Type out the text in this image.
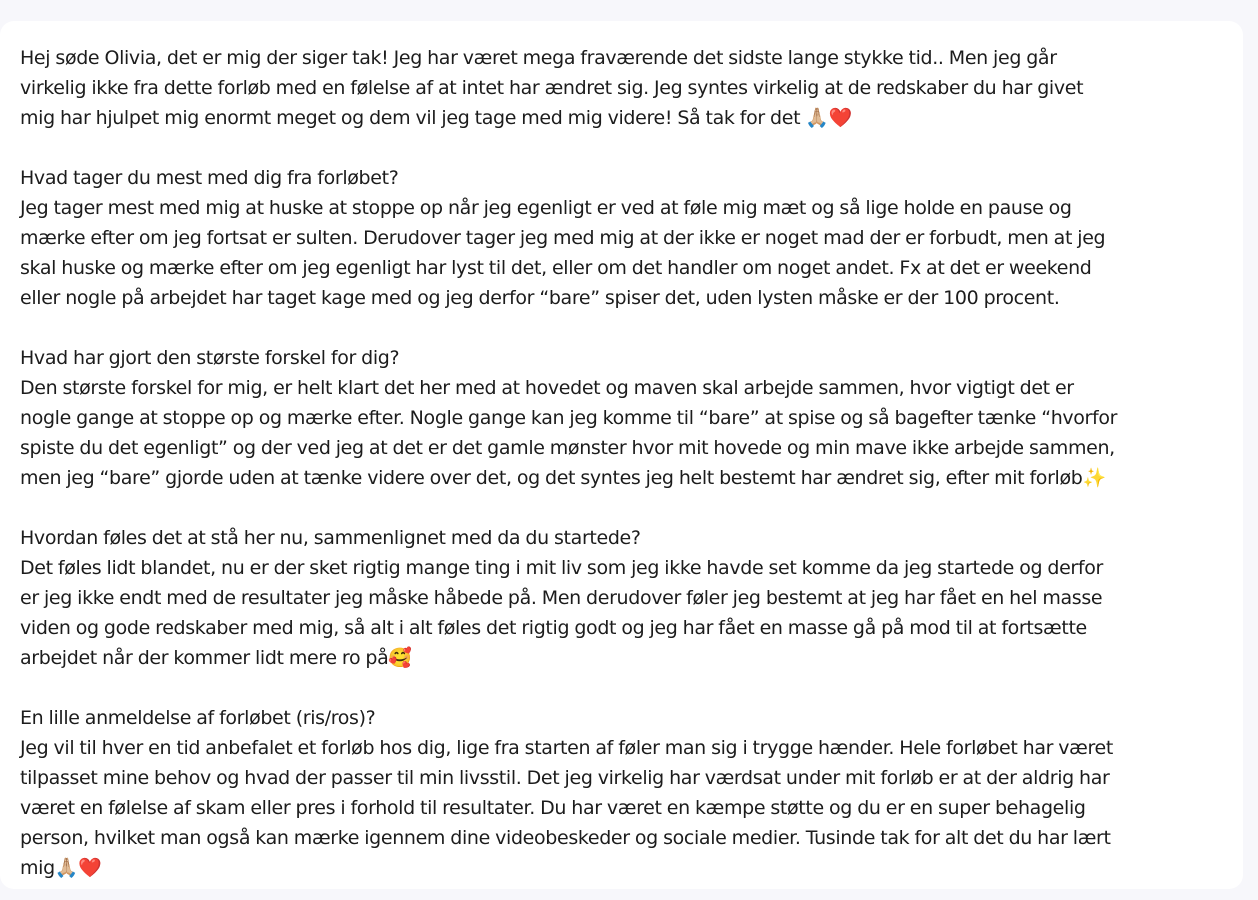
Hej søde Olivia, det er mig der siger tak! Jeg har været mega fraværende det sidste lange stykke tid.. Men jeg går
virkelig ikke fra dette forløb med en følelse af at intet har ændret sig. Jeg syntes virkelig at de redskaber du har givet
mig har hjulpet mig enormt meget og dem vil jeg tage med mig videre! Så tak for det 🙏🏼❤️

Hvad tager du mest med dig fra forløbet?
Jeg tager mest med mig at huske at stoppe op når jeg egenligt er ved at føle mig mæt og så lige holde en pause og
mærke efter om jeg fortsat er sulten. Derudover tager jeg med mig at der ikke er noget mad der er forbudt, men at jeg
skal huske og mærke efter om jeg egenligt har lyst til det, eller om det handler om noget andet. Fx at det er weekend
eller nogle på arbejdet har taget kage med og jeg derfor “bare” spiser det, uden lysten måske er der 100 procent.

Hvad har gjort den største forskel for dig?
Den største forskel for mig, er helt klart det her med at hovedet og maven skal arbejde sammen, hvor vigtigt det er
nogle gange at stoppe op og mærke efter. Nogle gange kan jeg komme til “bare” at spise og så bagefter tænke “hvorfor
spiste du det egenligt” og der ved jeg at det er det gamle mønster hvor mit hovede og min mave ikke arbejde sammen,
men jeg “bare” gjorde uden at tænke videre over det, og det syntes jeg helt bestemt har ændret sig, efter mit forløb✨

Hvordan føles det at stå her nu, sammenlignet med da du startede?
Det føles lidt blandet, nu er der sket rigtig mange ting i mit liv som jeg ikke havde set komme da jeg startede og derfor
er jeg ikke endt med de resultater jeg måske håbede på. Men derudover føler jeg bestemt at jeg har fået en hel masse
viden og gode redskaber med mig, så alt i alt føles det rigtig godt og jeg har fået en masse gå på mod til at fortsætte
arbejdet når der kommer lidt mere ro på🥰

En lille anmeldelse af forløbet (ris/ros)?
Jeg vil til hver en tid anbefalet et forløb hos dig, lige fra starten af føler man sig i trygge hænder. Hele forløbet har været
tilpasset mine behov og hvad der passer til min livsstil. Det jeg virkelig har værdsat under mit forløb er at der aldrig har
været en følelse af skam eller pres i forhold til resultater. Du har været en kæmpe støtte og du er en super behagelig
person, hvilket man også kan mærke igennem dine videobeskeder og sociale medier. Tusinde tak for alt det du har lært
mig🙏🏼❤️
